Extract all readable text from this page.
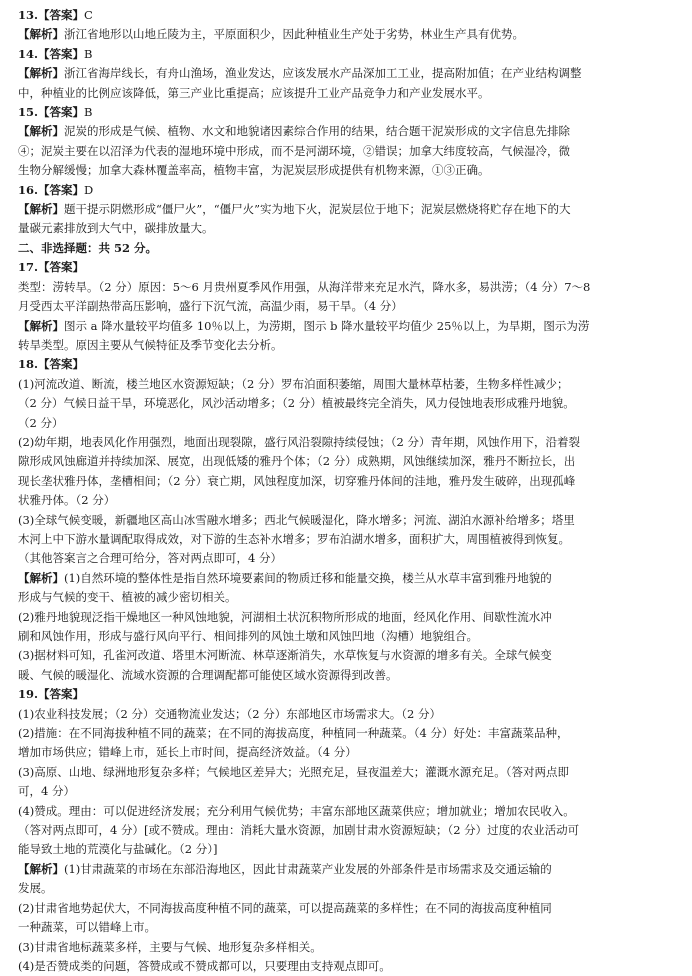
13.【答案】C
【解析】浙江省地形以山地丘陵为主，平原面积少，因此种植业生产处于劣势，林业生产具有优势。
14.【答案】B
【解析】浙江省海岸线长，有舟山渔场，渔业发达，应该发展水产品深加工工业，提高附加值；在产业结构调整
中，种植业的比例应该降低，第三产业比重提高；应该提升工业产品竞争力和产业发展水平。
15.【答案】B
【解析】泥炭的形成是气候、植物、水文和地貌诸因素综合作用的结果，结合题干泥炭形成的文字信息先排除
④；泥炭主要在以沼泽为代表的湿地环境中形成，而不是河湖环境，②错误；加拿大纬度较高，气候湿冷，微
生物分解缓慢；加拿大森林覆盖率高，植物丰富，为泥炭层形成提供有机物来源，①③正确。
16.【答案】D
【解析】题干提示阴燃形成“僵尸火”，“僵尸火”实为地下火，泥炭层位于地下；泥炭层燃烧将贮存在地下的大
量碳元素排放到大气中，碳排放量大。
二、非选择题：共 52 分。
17.【答案】
类型：涝转旱。（2 分）原因：5～6 月贵州夏季风作用强，从海洋带来充足水汽，降水多，易洪涝；（4 分）7～8
月受西太平洋副热带高压影响，盛行下沉气流，高温少雨，易干旱。（4 分）
【解析】图示 a 降水量较平均值多 10％以上，为涝期，图示 b 降水量较平均值少 25％以上，为旱期，图示为涝
转旱类型。原因主要从气候特征及季节变化去分析。
18.【答案】
(1)河流改道、断流，楼兰地区水资源短缺；（2 分）罗布泊面积萎缩，周围大量林草枯萎，生物多样性减少；
（2 分）气候日益干旱，环境恶化，风沙活动增多；（2 分）植被最终完全消失，风力侵蚀地表形成雅丹地貌。
（2 分）
(2)幼年期，地表风化作用强烈，地面出现裂隙，盛行风沿裂隙持续侵蚀；（2 分）青年期，风蚀作用下，沿着裂
隙形成风蚀廊道并持续加深、展宽，出现低矮的雅丹个体；（2 分）成熟期，风蚀继续加深，雅丹不断拉长，出
现长垄状雅丹体，垄槽相间；（2 分）衰亡期，风蚀程度加深，切穿雅丹体间的洼地，雅丹发生破碎，出现孤峰
状雅丹体。（2 分）
(3)全球气候变暖，新疆地区高山冰雪融水增多；西北气候暖湿化，降水增多；河流、湖泊水源补给增多；塔里
木河上中下游水量调配取得成效，对下游的生态补水增多；罗布泊湖水增多，面积扩大，周围植被得到恢复。
（其他答案言之合理可给分，答对两点即可，4 分）
【解析】(1)自然环境的整体性是指自然环境要素间的物质迁移和能量交换，楼兰从水草丰富到雅丹地貌的
形成与气候的变干、植被的减少密切相关。
(2)雅丹地貌现泛指干燥地区一种风蚀地貌，河湖相土状沉积物所形成的地面，经风化作用、间歇性流水冲
刷和风蚀作用，形成与盛行风向平行、相间排列的风蚀土墩和风蚀凹地（沟槽）地貌组合。
(3)据材料可知，孔雀河改道、塔里木河断流、林草逐渐消失，水草恢复与水资源的增多有关。全球气候变
暖、气候的暖湿化、流域水资源的合理调配都可能使区域水资源得到改善。
19.【答案】
(1)农业科技发展；（2 分）交通物流业发达；（2 分）东部地区市场需求大。（2 分）
(2)措施：在不同海拔种植不同的蔬菜；在不同的海拔高度，种植同一种蔬菜。（4 分）好处：丰富蔬菜品种，
增加市场供应；错峰上市，延长上市时间，提高经济效益。（4 分）
(3)高原、山地、绿洲地形复杂多样；气候地区差异大；光照充足，昼夜温差大；灌溉水源充足。（答对两点即
可，4 分）
(4)赞成。理由：可以促进经济发展；充分利用气候优势；丰富东部地区蔬菜供应；增加就业；增加农民收入。
（答对两点即可，4 分）[或不赞成。理由：消耗大量水资源，加剧甘肃水资源短缺；（2 分）过度的农业活动可
能导致土地的荒漠化与盐碱化。（2 分）]
【解析】(1)甘肃蔬菜的市场在东部沿海地区，因此甘肃蔬菜产业发展的外部条件是市场需求及交通运输的
发展。
(2)甘肃省地势起伏大，不同海拔高度种植不同的蔬菜，可以提高蔬菜的多样性；在不同的海拔高度种植同
一种蔬菜，可以错峰上市。
(3)甘肃省地标蔬菜多样，主要与气候、地形复杂多样相关。
(4)是否赞成类的问题，答赞成或不赞成都可以，只要理由支持观点即可。
